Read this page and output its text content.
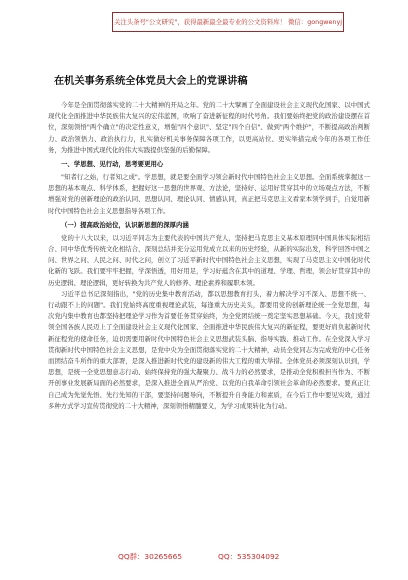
关注头条号"公文研究"，获得最新最全最专业的公文资料库！ 微信：gongwenyj
在机关事务系统全体党员大会上的党课讲稿
今年是全面贯彻落实党的二十大精神的开局之年。党的二十大擘画了全面建设社会主义现代化国家、以中国式现代化全面推进中华民族伟大复兴的宏伟蓝图，吹响了奋进新征程的时代号角。我们要始终把党的政治建设摆在首位，深刻领悟"两个确立"的决定性意义，增强"四个意识"、坚定"四个自信"、做到"两个维护"，不断提高政治判断力、政治领悟力、政治执行力，扎实做好机关事务保障各项工作，以更高站位、更实举措完成今年的各项工作任务，为推进中国式现代化的伟大实践提供坚强的后勤保障。
一、学思想、见行动，思考要更用心
"知者行之始，行者知之成"。学思想，就是要全面学习领会新时代中国特色社会主义思想。全面系统掌握这一思想的基本观点、科学体系，把握好这一思想的世界观、方法论，坚持好、运用好贯穿其中的立场观点方法，不断增强对党的创新理论的政治认同、思想认同、理论认同、情感认同，真正把马克思主义看家本领学到手，自觉用新时代中国特色社会主义思想指导各项工作。
（一）提高政治站位，认识新思想的深厚内涵
党的十八大以来，以习近平同志为主要代表的中国共产党人，坚持把马克思主义基本原理同中国具体实际相结合、同中华优秀传统文化相结合，深刻总结并充分运用党成立以来的历史经验，从新的实际出发，科学回答中国之问、世界之问、人民之问、时代之问，创立了习近平新时代中国特色社会主义思想，实现了马克思主义中国化时代化新的飞跃。我们要牢牢把握，学深悟透，用好用足，学习好蕴含在其中的道理、学理、哲理，领会好贯穿其中的历史逻辑、理论逻辑，更好转换为共产党人的修养、理论素养和履职本领。
习近平总书记深刻指出，"党的历史集中教育活动，都以思想教育打头，着力解决学习不深入、思想不统一、行动跟不上的问题"。我们党始终高度重视理论武装，每逢重大历史关头，都要用党的创新理论统一全党思想，每次党内集中教育也都坚持把理论学习作为首要任务贯穿始终，为全党团结统一奠定坚实思想基础。今天，我们党带领全国各族人民迈上了全面建设社会主义现代化国家、全面推进中华民族伟大复兴的新征程，要更好肩负起新时代新征程党的使命任务，迫切需要用新时代中国特色社会主义思想武装头脑、指导实践、推动工作。在全党深入学习贯彻新时代中国特色社会主义思想，是党中央为全面贯彻落实党的二十大精神，动员全党同志为完成党的中心任务而团结奋斗所作的重大部署，是深入推进新时代党的建设新的伟大工程的重大举措。全体党员必须深刻认识到，学思想，是统一全党思想意志行动、始终保持党的强大凝聚力、战斗力的必然要求，是推动全党积极担当作为、不断开创事业发展新局面的必然要求，是深入推进全面从严治党、以党的自我革命引领社会革命的必然要求。要真正让自己成为先觉先悟、先行先知的干部，要坚持问题导向，不断提升自身能力和素质，在今后工作中要见实效，通过多种方式学习宣传贯彻党的二十大精神，深刻领悟精髓要义，为学习成果转化为行动。
QQ群：30265665	QQ：535304092
